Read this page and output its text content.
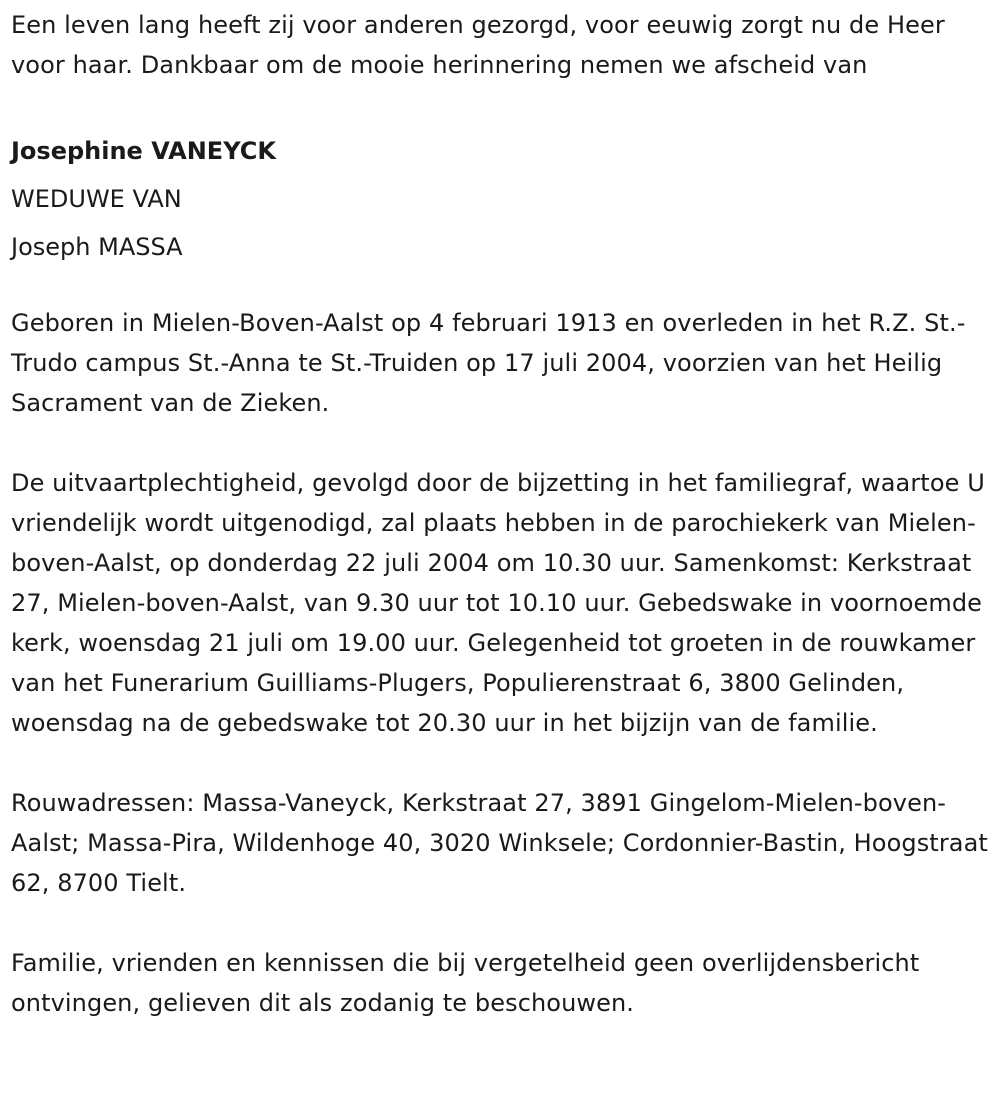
Een leven lang heeft zij voor anderen gezorgd, voor eeuwig zorgt nu de Heer voor haar. Dankbaar om de mooie herinnering nemen we afscheid van

Josephine VANEYCK

WEDUWE VAN

Joseph MASSA

Geboren in Mielen-Boven-Aalst op 4 februari 1913 en overleden in het R.Z. St.-Trudo campus St.-Anna te St.-Truiden op 17 juli 2004, voorzien van het Heilig Sacrament van de Zieken.

De uitvaartplechtigheid, gevolgd door de bijzetting in het familiegraf, waartoe U vriendelijk wordt uitgenodigd, zal plaats hebben in de parochiekerk van Mielen-boven-Aalst, op donderdag 22 juli 2004 om 10.30 uur. Samenkomst: Kerkstraat 27, Mielen-boven-Aalst, van 9.30 uur tot 10.10 uur. Gebedswake in voornoemde kerk, woensdag 21 juli om 19.00 uur. Gelegenheid tot groeten in de rouwkamer van het Funerarium Guilliams-Plugers, Populierenstraat 6, 3800 Gelinden, woensdag na de gebedswake tot 20.30 uur in het bijzijn van de familie.

Rouwadressen: Massa-Vaneyck, Kerkstraat 27, 3891 Gingelom-Mielen-boven-Aalst; Massa-Pira, Wildenhoge 40, 3020 Winksele; Cordonnier-Bastin, Hoogstraat 62, 8700 Tielt.

Familie, vrienden en kennissen die bij vergetelheid geen overlijdensbericht ontvingen, gelieven dit als zodanig te beschouwen.
